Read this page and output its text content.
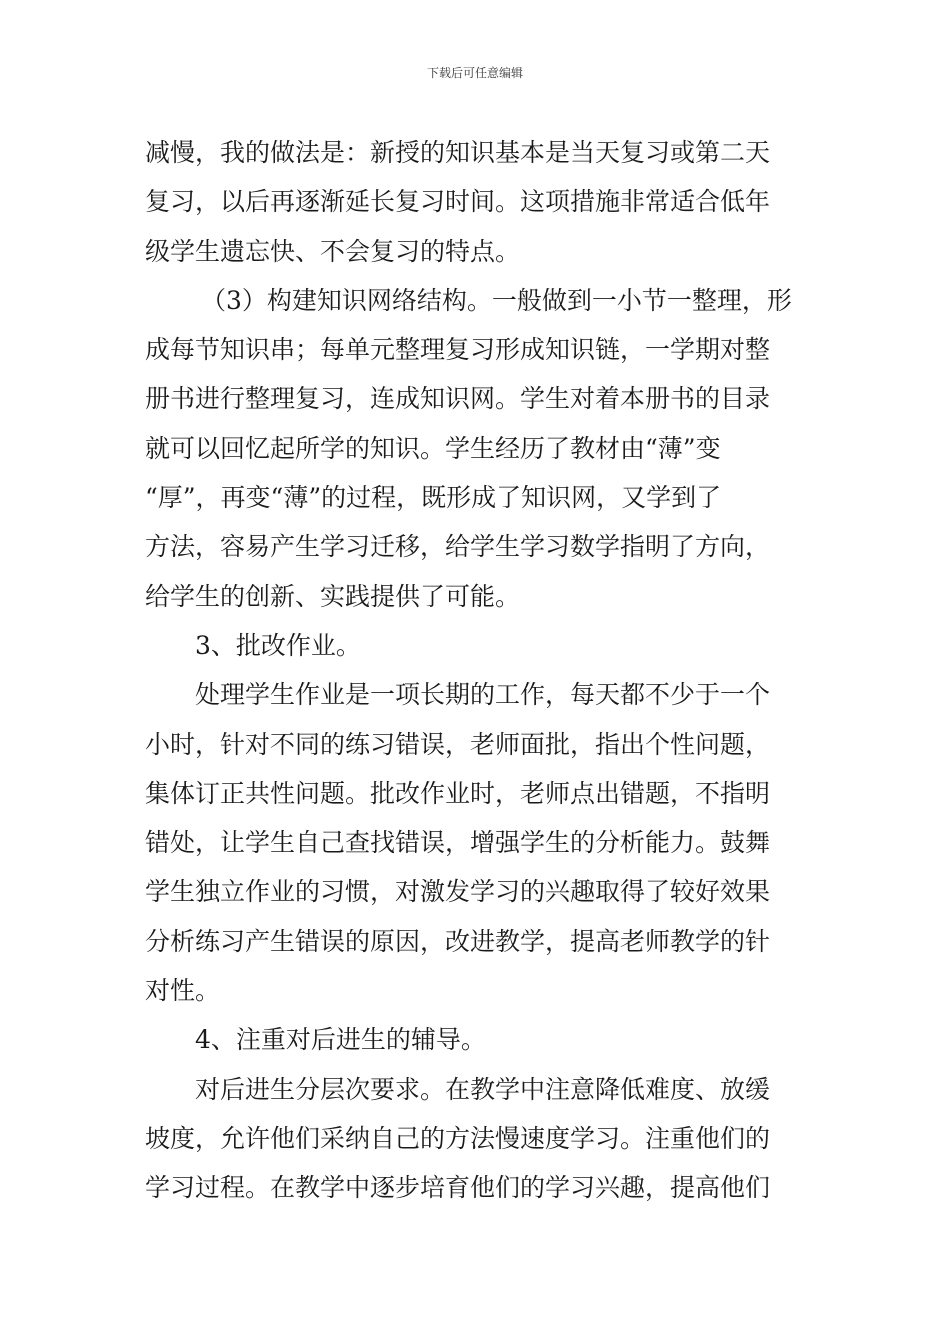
下载后可任意编辑
减慢，我的做法是：新授的知识基本是当天复习或第二天
复习，以后再逐渐延长复习时间。这项措施非常适合低年
级学生遗忘快、不会复习的特点。
（3）构建知识网络结构。一般做到一小节一整理，形
成每节知识串；每单元整理复习形成知识链，一学期对整
册书进行整理复习，连成知识网。学生对着本册书的目录
就可以回忆起所学的知识。学生经历了教材由“薄”变
“厚”，再变“薄”的过程，既形成了知识网，又学到了
方法，容易产生学习迁移，给学生学习数学指明了方向，
给学生的创新、实践提供了可能。
3、批改作业。
处理学生作业是一项长期的工作，每天都不少于一个
小时，针对不同的练习错误，老师面批，指出个性问题，
集体订正共性问题。批改作业时，老师点出错题，不指明
错处，让学生自己查找错误，增强学生的分析能力。鼓舞
学生独立作业的习惯，对激发学习的兴趣取得了较好效果
分析练习产生错误的原因，改进教学，提高老师教学的针
对性。
4、注重对后进生的辅导。
对后进生分层次要求。在教学中注意降低难度、放缓
坡度，允许他们采纳自己的方法慢速度学习。注重他们的
学习过程。在教学中逐步培育他们的学习兴趣，提高他们
